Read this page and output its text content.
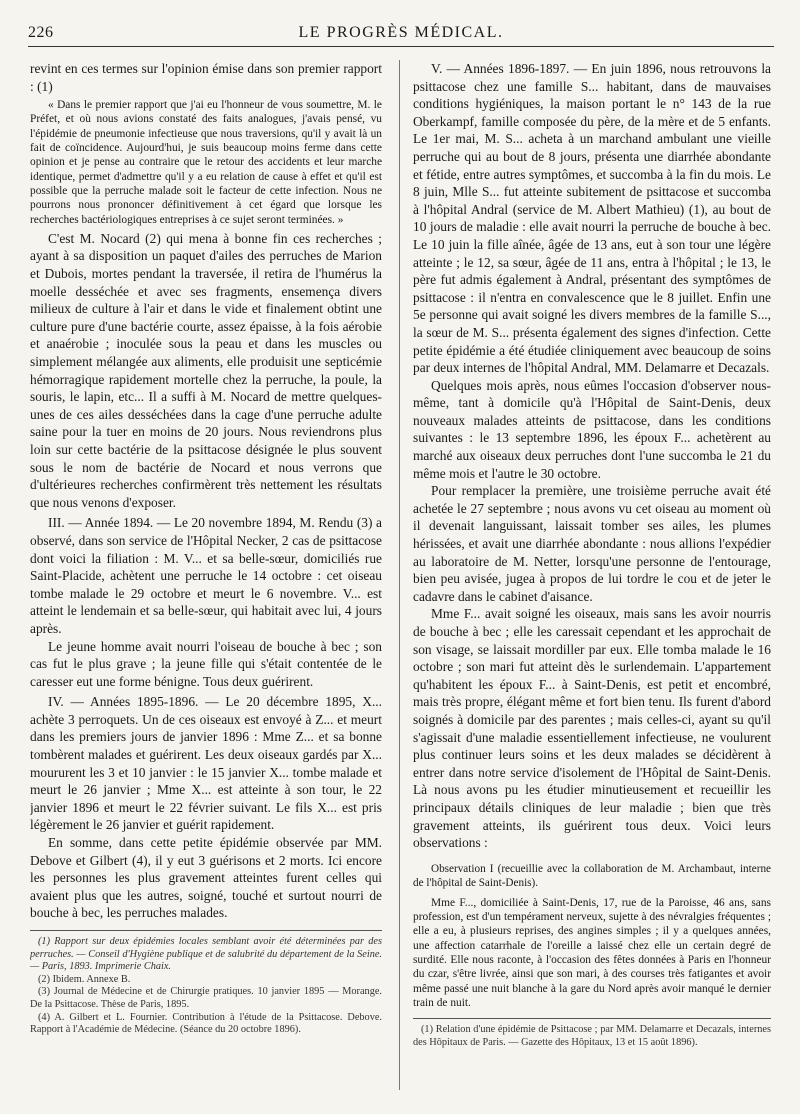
226	LE PROGRÈS MÉDICAL.

revint en ces termes sur l'opinion émise dans son premier rapport : (1)

« Dans le premier rapport que j'ai eu l'honneur de vous soumettre, M. le Préfet, et où nous avions constaté des faits analogues, j'avais pensé, vu l'épidémie de pneumonie infectieuse que nous traversions, qu'il y avait là un fait de coïncidence. Aujourd'hui, je suis beaucoup moins ferme dans cette opinion et je pense au contraire que le retour des accidents et leur marche identique, permet d'admettre qu'il y a eu relation de cause à effet et qu'il est possible que la perruche malade soit le facteur de cette infection. Nous ne pourrons nous prononcer définitivement à cet égard que lorsque les recherches bactériologiques entreprises à ce sujet seront terminées. »

C'est M. Nocard (2) qui mena à bonne fin ces recherches ; ayant à sa disposition un paquet d'ailes des perruches de Marion et Dubois, mortes pendant la traversée, il retira de l'humérus la moelle desséchée et avec ses fragments, ensemença divers milieux de culture à l'air et dans le vide et finalement obtint une culture pure d'une bactérie courte, assez épaisse, à la fois aérobie et anaérobie ; inoculée sous la peau et dans les muscles ou simplement mélangée aux aliments, elle produisit une septicémie hémorragique rapidement mortelle chez la perruche, la poule, la souris, le lapin, etc... Il a suffi à M. Nocard de mettre quelques-unes de ces ailes desséchées dans la cage d'une perruche adulte saine pour la tuer en moins de 20 jours. Nous reviendrons plus loin sur cette bactérie de la psittacose désignée le plus souvent sous le nom de bactérie de Nocard et nous verrons que d'ultérieures recherches confirmèrent très nettement les résultats que nous venons d'exposer.

III. — Année 1894. — Le 20 novembre 1894, M. Rendu (3) a observé, dans son service de l'Hôpital Necker, 2 cas de psittacose dont voici la filiation : M. V... et sa belle-sœur, domiciliés rue Saint-Placide, achètent une perruche le 14 octobre : cet oiseau tombe malade le 29 octobre et meurt le 6 novembre. V... est atteint le lendemain et sa belle-sœur, qui habitait avec lui, 4 jours après.

Le jeune homme avait nourri l'oiseau de bouche à bec ; son cas fut le plus grave ; la jeune fille qui s'était contentée de le caresser eut une forme bénigne. Tous deux guérirent.

IV. — Années 1895-1896. — Le 20 décembre 1895, X... achète 3 perroquets. Un de ces oiseaux est envoyé à Z... et meurt dans les premiers jours de janvier 1896 : Mme Z... et sa bonne tombèrent malades et guérirent. Les deux oiseaux gardés par X... moururent les 3 et 10 janvier : le 15 janvier X... tombe malade et meurt le 26 janvier ; Mme X... est atteinte à son tour, le 22 janvier 1896 et meurt le 22 février suivant. Le fils X... est pris légèrement le 26 janvier et guérit rapidement.

En somme, dans cette petite épidémie observée par MM. Debove et Gilbert (4), il y eut 3 guérisons et 2 morts. Ici encore les personnes les plus gravement atteintes furent celles qui avaient plus que les autres, soigné, touché et surtout nourri de bouche à bec, les perruches malades.

(1) Rapport sur deux épidémies locales semblant avoir été déterminées par des perruches. — Conseil d'Hygiène publique et de salubrité du département de la Seine. — Paris, 1893. Imprimerie Chaix.

(2) Ibidem. Annexe B.

(3) Journal de Médecine et de Chirurgie pratiques. 10 janvier 1895 — Morange. De la Psittacose. Thèse de Paris, 1895.

(4) A. Gilbert et L. Fournier. Contribution à l'étude de la Psittacose. Debove. Rapport à l'Académie de Médecine. (Séance du 20 octobre 1896).

V. — Années 1896-1897. — En juin 1896, nous retrouvons la psittacose chez une famille S... habitant, dans de mauvaises conditions hygiéniques, la maison portant le n° 143 de la rue Oberkampf, famille composée du père, de la mère et de 5 enfants. Le 1er mai, M. S... acheta à un marchand ambulant une vieille perruche qui au bout de 8 jours, présenta une diarrhée abondante et fétide, entre autres symptômes, et succomba à la fin du mois. Le 8 juin, Mlle S... fut atteinte subitement de psittacose et succomba à l'hôpital Andral (service de M. Albert Mathieu) (1), au bout de 10 jours de maladie : elle avait nourri la perruche de bouche à bec. Le 10 juin la fille aînée, âgée de 13 ans, eut à son tour une légère atteinte ; le 12, sa sœur, âgée de 11 ans, entra à l'hôpital ; le 13, le père fut admis également à Andral, présentant des symptômes de psittacose : il n'entra en convalescence que le 8 juillet. Enfin une 5e personne qui avait soigné les divers membres de la famille S..., la sœur de M. S... présenta également des signes d'infection. Cette petite épidémie a été étudiée cliniquement avec beaucoup de soins par deux internes de l'hôpital Andral, MM. Delamarre et Decazals.

Quelques mois après, nous eûmes l'occasion d'observer nous-même, tant à domicile qu'à l'Hôpital de Saint-Denis, deux nouveaux malades atteints de psittacose, dans les conditions suivantes : le 13 septembre 1896, les époux F... achetèrent au marché aux oiseaux deux perruches dont l'une succomba le 21 du même mois et l'autre le 30 octobre.

Pour remplacer la première, une troisième perruche avait été achetée le 27 septembre ; nous avons vu cet oiseau au moment où il devenait languissant, laissait tomber ses ailes, les plumes hérissées, et avait une diarrhée abondante : nous allions l'expédier au laboratoire de M. Netter, lorsqu'une personne de l'entourage, bien peu avisée, jugea à propos de lui tordre le cou et de jeter le cadavre dans le cabinet d'aisance.

Mme F... avait soigné les oiseaux, mais sans les avoir nourris de bouche à bec ; elle les caressait cependant et les approchait de son visage, se laissait mordiller par eux. Elle tomba malade le 16 octobre ; son mari fut atteint dès le surlendemain. L'appartement qu'habitent les époux F... à Saint-Denis, est petit et encombré, mais très propre, élégant même et fort bien tenu. Ils furent d'abord soignés à domicile par des parentes ; mais celles-ci, ayant su qu'il s'agissait d'une maladie essentiellement infectieuse, ne voulurent plus continuer leurs soins et les deux malades se décidèrent à entrer dans notre service d'isolement de l'Hôpital de Saint-Denis. Là nous avons pu les étudier minutieusement et recueillir les principaux détails cliniques de leur maladie ; bien que très gravement atteints, ils guérirent tous deux. Voici leurs observations :

Observation I (recueillie avec la collaboration de M. Archambaut, interne de l'hôpital de Saint-Denis).

Mme F..., domiciliée à Saint-Denis, 17, rue de la Paroisse, 46 ans, sans profession, est d'un tempérament nerveux, sujette à des névralgies fréquentes ; elle a eu, à plusieurs reprises, des angines simples ; il y a quelques années, une affection catarrhale de l'oreille a laissé chez elle un certain degré de surdité. Elle nous raconte, à l'occasion des fêtes données à Paris en l'honneur du czar, s'être livrée, ainsi que son mari, à des courses très fatigantes et avoir même passé une nuit blanche à la gare du Nord après avoir manqué le dernier train de nuit.

(1) Relation d'une épidémie de Psittacose ; par MM. Delamarre et Decazals, internes des Hôpitaux de Paris. — Gazette des Hôpitaux, 13 et 15 août 1896).
